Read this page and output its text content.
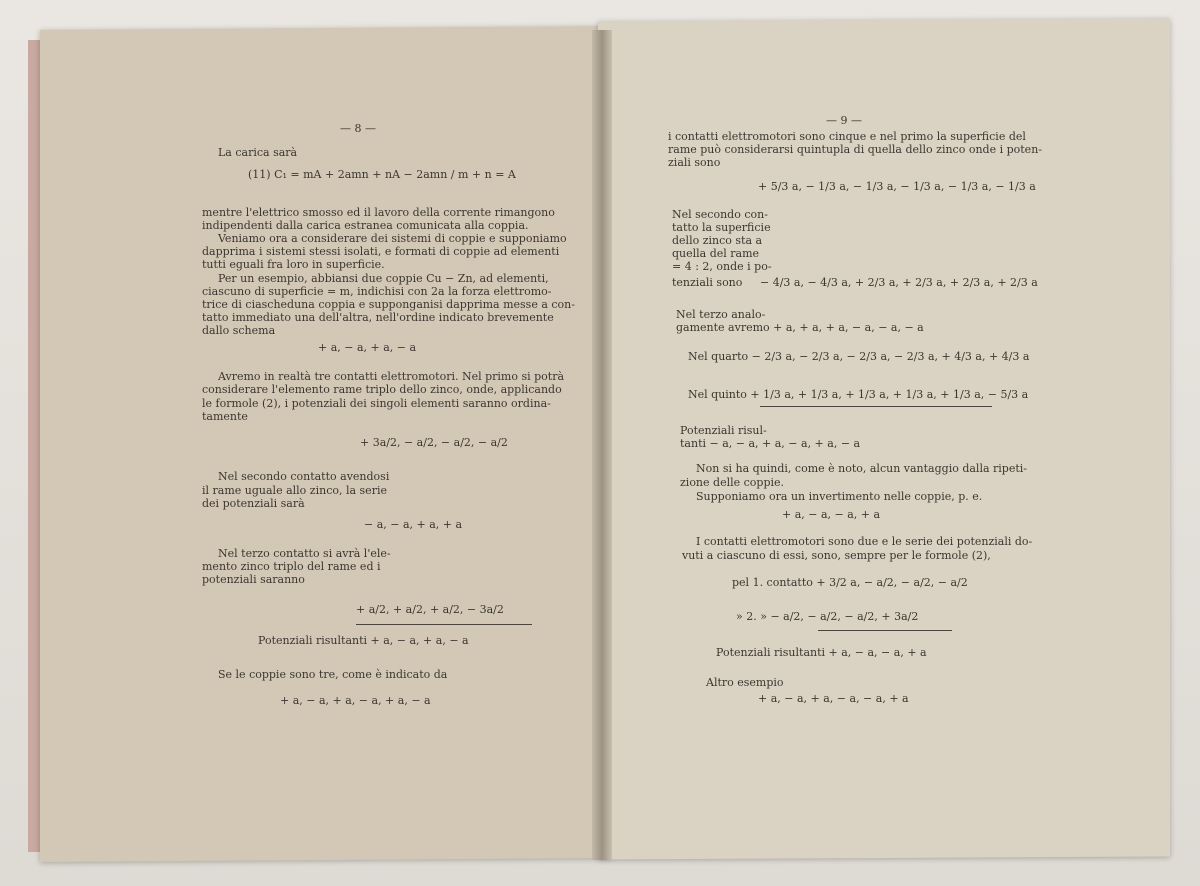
— 8 —
La carica sarà
(11) C₁ = mA + 2amn + nA − 2amn / m + n = A
mentre l'elettrico smosso ed il lavoro della corrente rimangono
indipendenti dalla carica estranea comunicata alla coppia.
Veniamo ora a considerare dei sistemi di coppie e supponiamo
dapprima i sistemi stessi isolati, e formati di coppie ad elementi
tutti eguali fra loro in superficie.
Per un esempio, abbiansi due coppie Cu − Zn, ad elementi,
ciascuno di superficie = m, indichisi con 2a la forza elettromo-
trice di ciascheduna coppia e supponganisi dapprima messe a con-
tatto immediato una dell'altra, nell'ordine indicato brevemente
dallo schema
+ a, − a, + a, − a
Avremo in realtà tre contatti elettromotori. Nel primo si potrà
considerare l'elemento rame triplo dello zinco, onde, applicando
le formole (2), i potenziali dei singoli elementi saranno ordina-
tamente
+ 3a/2, − a/2, − a/2, − a/2
Nel secondo contatto avendosi
il rame uguale allo zinco, la serie
dei potenziali sarà
− a, − a, + a, + a
Nel terzo contatto si avrà l'ele-
mento zinco triplo del rame ed i
potenziali saranno
+ a/2, + a/2, + a/2, − 3a/2
Potenziali risultanti + a, − a, + a, − a
Se le coppie sono tre, come è indicato da
+ a, − a, + a, − a, + a, − a
— 9 —
i contatti elettromotori sono cinque e nel primo la superficie del
rame può considerarsi quintupla di quella dello zinco onde i poten-
ziali sono
+ 5/3 a, − 1/3 a, − 1/3 a, − 1/3 a, − 1/3 a, − 1/3 a
Nel secondo con-
tatto la superficie
dello zinco sta a
quella del rame
= 4 : 2, onde i po-
tenziali sono − 4/3 a, − 4/3 a, + 2/3 a, + 2/3 a, + 2/3 a, + 2/3 a
Nel terzo analo-
gamente avremo + a, + a, + a, − a, − a, − a
Nel quarto − 2/3 a, − 2/3 a, − 2/3 a, − 2/3 a, + 4/3 a, + 4/3 a
Nel quinto + 1/3 a, + 1/3 a, + 1/3 a, + 1/3 a, + 1/3 a, − 5/3 a
Potenziali risul-
tanti − a, − a, + a, − a, + a, − a
Non si ha quindi, come è noto, alcun vantaggio dalla ripeti-
zione delle coppie.
Supponiamo ora un invertimento nelle coppie, p. e.
+ a, − a, − a, + a
I contatti elettromotori sono due e le serie dei potenziali do-
vuti a ciascuno di essi, sono, sempre per le formole (2),
pel 1. contatto + 3/2 a, − a/2, − a/2, − a/2
» 2. » − a/2, − a/2, − a/2, + 3a/2
Potenziali risultanti + a, − a, − a, + a
Altro esempio
+ a, − a, + a, − a, − a, + a
